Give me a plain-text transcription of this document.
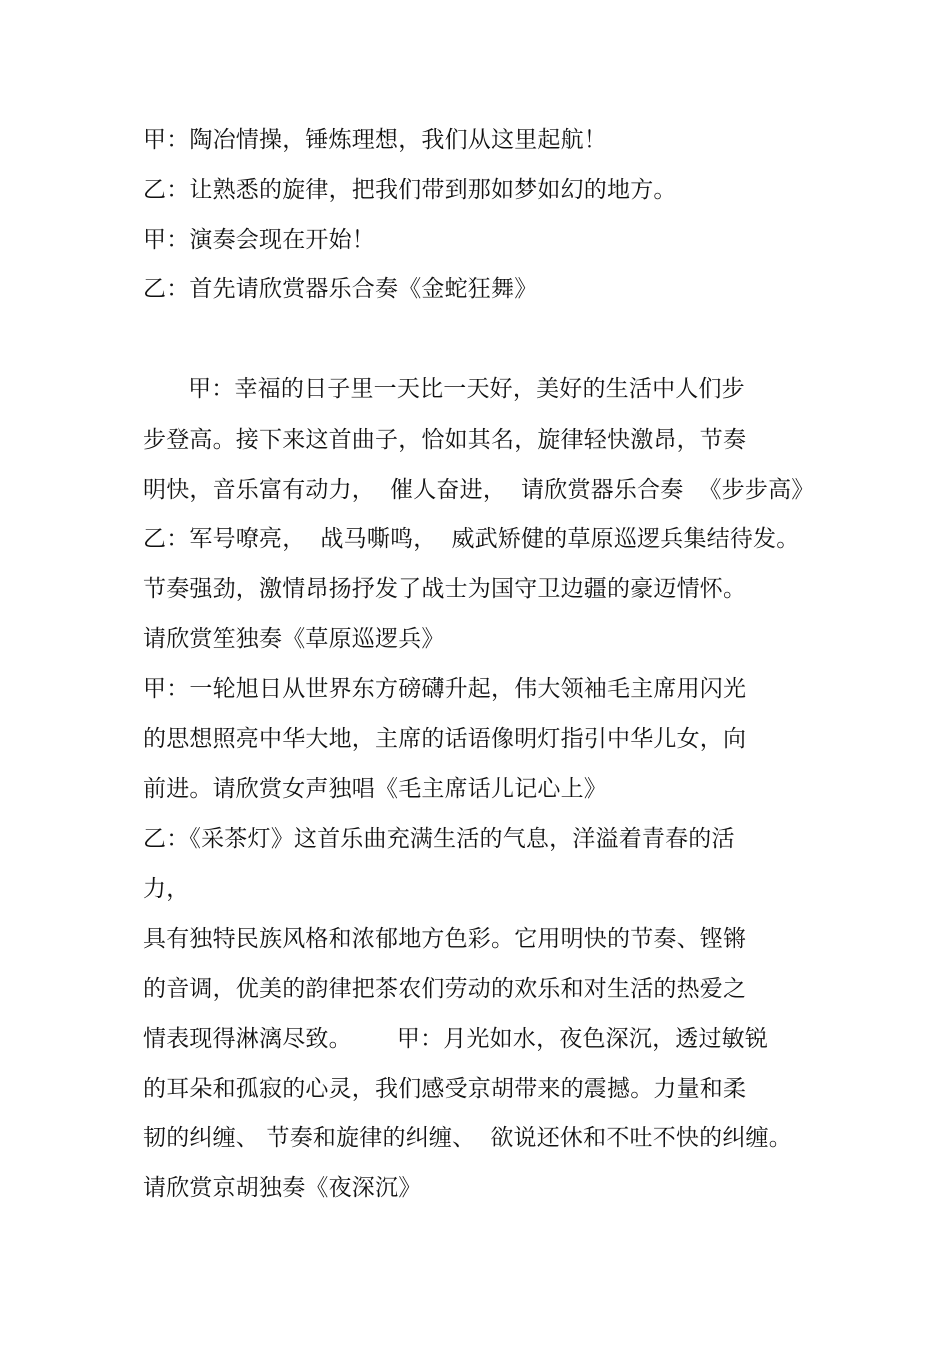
甲：陶冶情操，锤炼理想，我们从这里起航！
乙：让熟悉的旋律，把我们带到那如梦如幻的地方。
甲：演奏会现在开始！
乙：首先请欣赏器乐合奏《金蛇狂舞》
甲：幸福的日子里一天比一天好，美好的生活中人们步
步登高。接下来这首曲子，恰如其名，旋律轻快激昂，节奏
明快，音乐富有动力，  催人奋进，  请欣赏器乐合奏  《步步高》
乙：军号嘹亮，  战马嘶鸣，  威武矫健的草原巡逻兵集结待发。
节奏强劲，激情昂扬抒发了战士为国守卫边疆的豪迈情怀。
请欣赏笙独奏《草原巡逻兵》
甲：一轮旭日从世界东方磅礴升起，伟大领袖毛主席用闪光
的思想照亮中华大地，主席的话语像明灯指引中华儿女，向
前进。请欣赏女声独唱《毛主席话儿记心上》
乙：《采茶灯》这首乐曲充满生活的气息，洋溢着青春的活
力，
具有独特民族风格和浓郁地方色彩。它用明快的节奏、铿锵
的音调，优美的韵律把茶农们劳动的欢乐和对生活的热爱之
情表现得淋漓尽致。      甲：月光如水，夜色深沉，透过敏锐
的耳朵和孤寂的心灵，我们感受京胡带来的震撼。力量和柔
韧的纠缠、 节奏和旋律的纠缠、  欲说还休和不吐不快的纠缠。
请欣赏京胡独奏《夜深沉》
